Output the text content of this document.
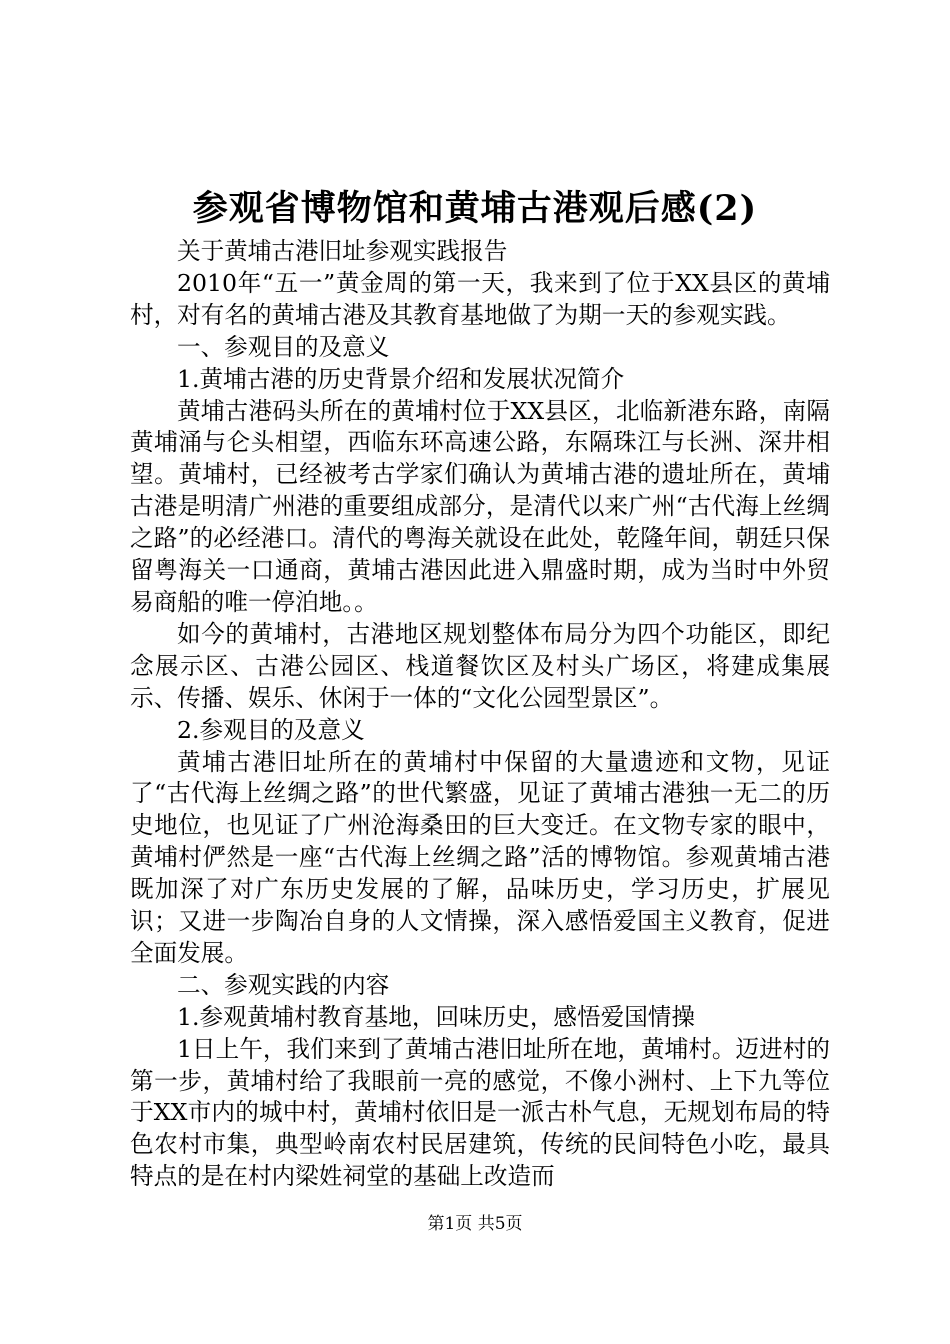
参观省博物馆和黄埔古港观后感(2)

关于黄埔古港旧址参观实践报告

2010年“五一”黄金周的第一天，我来到了位于XX县区的黄埔村，对有名的黄埔古港及其教育基地做了为期一天的参观实践。

一、参观目的及意义

1.黄埔古港的历史背景介绍和发展状况简介

黄埔古港码头所在的黄埔村位于XX县区，北临新港东路，南隔黄埔涌与仑头相望，西临东环高速公路，东隔珠江与长洲、深井相望。黄埔村，已经被考古学家们确认为黄埔古港的遗址所在，黄埔古港是明清广州港的重要组成部分，是清代以来广州“古代海上丝绸之路”的必经港口。清代的粤海关就设在此处，乾隆年间，朝廷只保留粤海关一口通商，黄埔古港因此进入鼎盛时期，成为当时中外贸易商船的唯一停泊地。。

如今的黄埔村，古港地区规划整体布局分为四个功能区，即纪念展示区、古港公园区、栈道餐饮区及村头广场区，将建成集展示、传播、娱乐、休闲于一体的“文化公园型景区”。

2.参观目的及意义

黄埔古港旧址所在的黄埔村中保留的大量遗迹和文物，见证了“古代海上丝绸之路”的世代繁盛，见证了黄埔古港独一无二的历史地位，也见证了广州沧海桑田的巨大变迁。在文物专家的眼中，黄埔村俨然是一座“古代海上丝绸之路”活的博物馆。参观黄埔古港既加深了对广东历史发展的了解，品味历史，学习历史，扩展见识；又进一步陶冶自身的人文情操，深入感悟爱国主义教育，促进全面发展。

二、参观实践的内容

1.参观黄埔村教育基地，回味历史，感悟爱国情操

1日上午，我们来到了黄埔古港旧址所在地，黄埔村。迈进村的第一步，黄埔村给了我眼前一亮的感觉，不像小洲村、上下九等位于XX市内的城中村，黄埔村依旧是一派古朴气息，无规划布局的特色农村市集，典型岭南农村民居建筑，传统的民间特色小吃，最具特点的是在村内梁姓祠堂的基础上改造而

第1页 共5页
